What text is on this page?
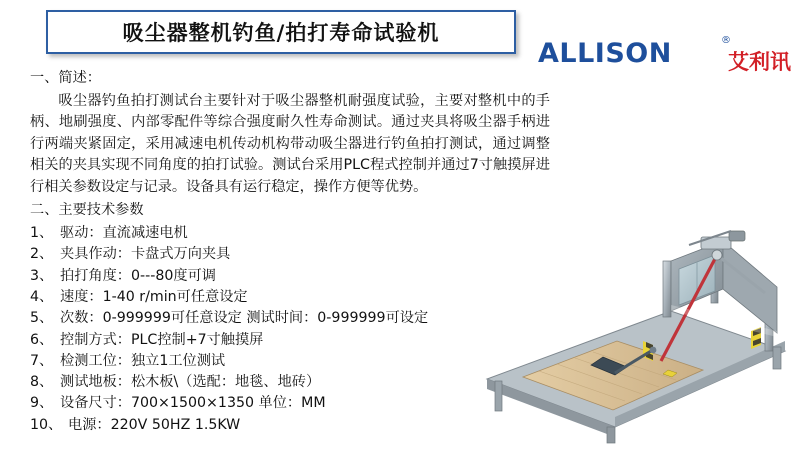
吸尘器整机钓鱼/拍打寿命试验机
ALLISON	®
艾利讯
一、简述：
吸尘器钓鱼拍打测试台主要针对于吸尘器整机耐强度试验，主要对整机中的手柄、地刷强度、内部零配件等综合强度耐久性寿命测试。通过夹具将吸尘器手柄进行两端夹紧固定，采用减速电机传动机构带动吸尘器进行钓鱼拍打测试，通过调整相关的夹具实现不同角度的拍打试验。测试台采用PLC程式控制并通过7寸触摸屏进行相关参数设定与记录。设备具有运行稳定，操作方便等优势。
二、主要技术参数
1、 驱动：直流减速电机
2、 夹具作动：卡盘式万向夹具
3、 拍打角度：0---80度可调
4、 速度：1-40 r/min可任意设定
5、 次数：0-999999可任意设定 测试时间：0-999999可设定
6、 控制方式：PLC控制+7寸触摸屏
7、 检测工位：独立1工位测试
8、 测试地板：松木板\（选配：地毯、地砖）
9、 设备尺寸：700×1500×1350 单位：MM
10、 电源：220V 50HZ 1.5KW
